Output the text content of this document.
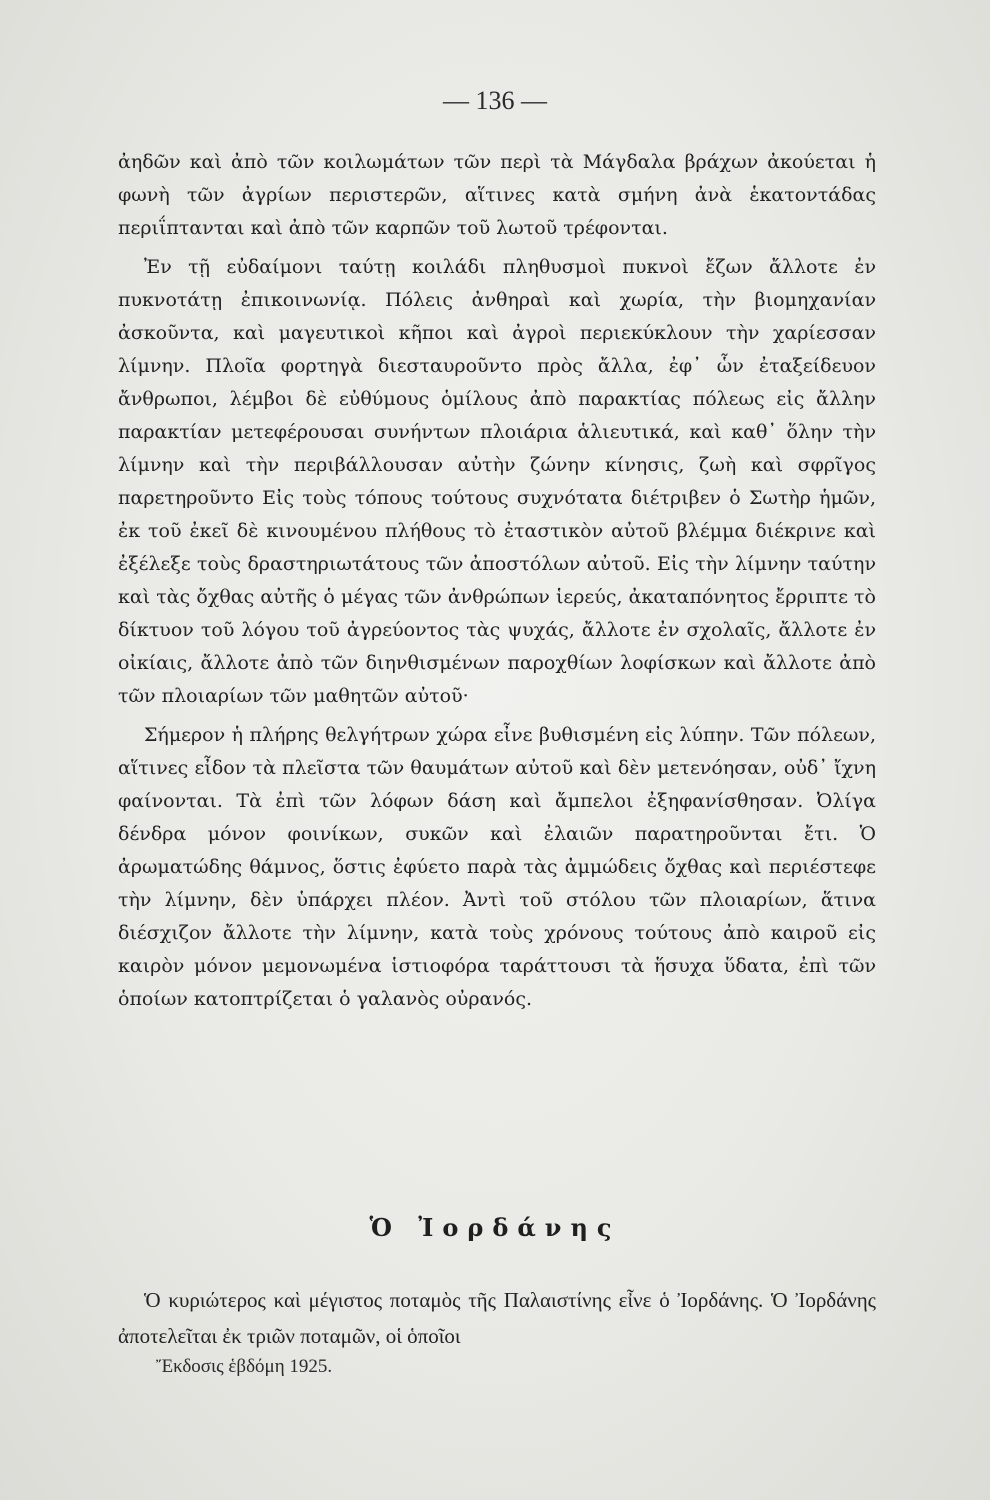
— 136 —

ἀηδῶν καὶ ἀπὸ τῶν κοιλωμάτων τῶν περὶ τὰ Μάγδαλα βράχων ἀκούεται ἡ φωνὴ τῶν ἀγρίων περιστερῶν, αἵτινες κατὰ σμήνη ἀνὰ ἑκατοντάδας περιΐπτανται καὶ ἀπὸ τῶν καρπῶν τοῦ λωτοῦ τρέφονται.

Ἐν τῇ εὐδαίμονι ταύτῃ κοιλάδι πληθυσμοὶ πυκνοὶ ἔζων ἄλλοτε ἐν πυκνοτάτῃ ἐπικοινωνίᾳ. Πόλεις ἀνθηραὶ καὶ χωρία, τὴν βιομηχανίαν ἀσκοῦντα, καὶ μαγευτικοὶ κῆποι καὶ ἀγροὶ περιεκύκλουν τὴν χαρίεσσαν λίμνην. Πλοῖα φορτηγὰ διεσταυροῦντο πρὸς ἄλλα, ἐφ᾽ ὧν ἐταξείδευον ἄνθρωποι, λέμβοι δὲ εὐθύμους ὁμίλους ἀπὸ παρακτίας πόλεως εἰς ἄλλην παρακτίαν μετεφέρουσαι συνήντων πλοιάρια ἁλιευτικά, καὶ καθ᾽ ὅλην τὴν λίμνην καὶ τὴν περιβάλλουσαν αὐτὴν ζώνην κίνησις, ζωὴ καὶ σφρῖγος παρετηροῦντο Εἰς τοὺς τόπους τούτους συχνότατα διέτριβεν ὁ Σωτὴρ ἡμῶν, ἐκ τοῦ ἐκεῖ δὲ κινουμένου πλήθους τὸ ἐταστικὸν αὐτοῦ βλέμμα διέκρινε καὶ ἐξέλεξε τοὺς δραστηριωτάτους τῶν ἀποστόλων αὐτοῦ. Εἰς τὴν λίμνην ταύτην καὶ τὰς ὄχθας αὐτῆς ὁ μέγας τῶν ἀνθρώπων ἱερεύς, ἀκαταπόνητος ἔρριπτε τὸ δίκτυον τοῦ λόγου τοῦ ἀγρεύοντος τὰς ψυχάς, ἄλλοτε ἐν σχολαῖς, ἄλλοτε ἐν οἰκίαις, ἄλλοτε ἀπὸ τῶν διηνθισμένων παροχθίων λοφίσκων καὶ ἄλλοτε ἀπὸ τῶν πλοιαρίων τῶν μαθητῶν αὐτοῦ·

Σήμερον ἡ πλήρης θελγήτρων χώρα εἶνε βυθισμένη εἰς λύπην. Τῶν πόλεων, αἵτινες εἶδον τὰ πλεῖστα τῶν θαυμάτων αὐτοῦ καὶ δὲν μετενόησαν, οὐδ᾽ ἴχνη φαίνονται. Τὰ ἐπὶ τῶν λόφων δάση καὶ ἄμπελοι ἐξηφανίσθησαν. Ὀλίγα δένδρα μόνον φοινίκων, συκῶν καὶ ἐλαιῶν παρατηροῦνται ἔτι. Ὁ ἀρωματώδης θάμνος, ὅστις ἐφύετο παρὰ τὰς ἀμμώδεις ὄχθας καὶ περιέστεφε τὴν λίμνην, δὲν ὑπάρχει πλέον. Ἀντὶ τοῦ στόλου τῶν πλοιαρίων, ἅτινα διέσχιζον ἄλλοτε τὴν λίμνην, κατὰ τοὺς χρόνους τούτους ἀπὸ καιροῦ εἰς καιρὸν μόνον μεμονωμένα ἱστιοφόρα ταράττουσι τὰ ἥσυχα ὕδατα, ἐπὶ τῶν ὁποίων κατοπτρίζεται ὁ γαλανὸς οὐρανός.

Ὁ Ἰορδάνης

Ὁ κυριώτερος καὶ μέγιστος ποταμὸς τῆς Παλαιστίνης εἶνε ὁ Ἰορδάνης. Ὁ Ἰορδάνης ἀποτελεῖται ἐκ τριῶν ποταμῶν, οἱ ὁποῖοι

Ἔκδοσις ἑβδόμη 1925.
